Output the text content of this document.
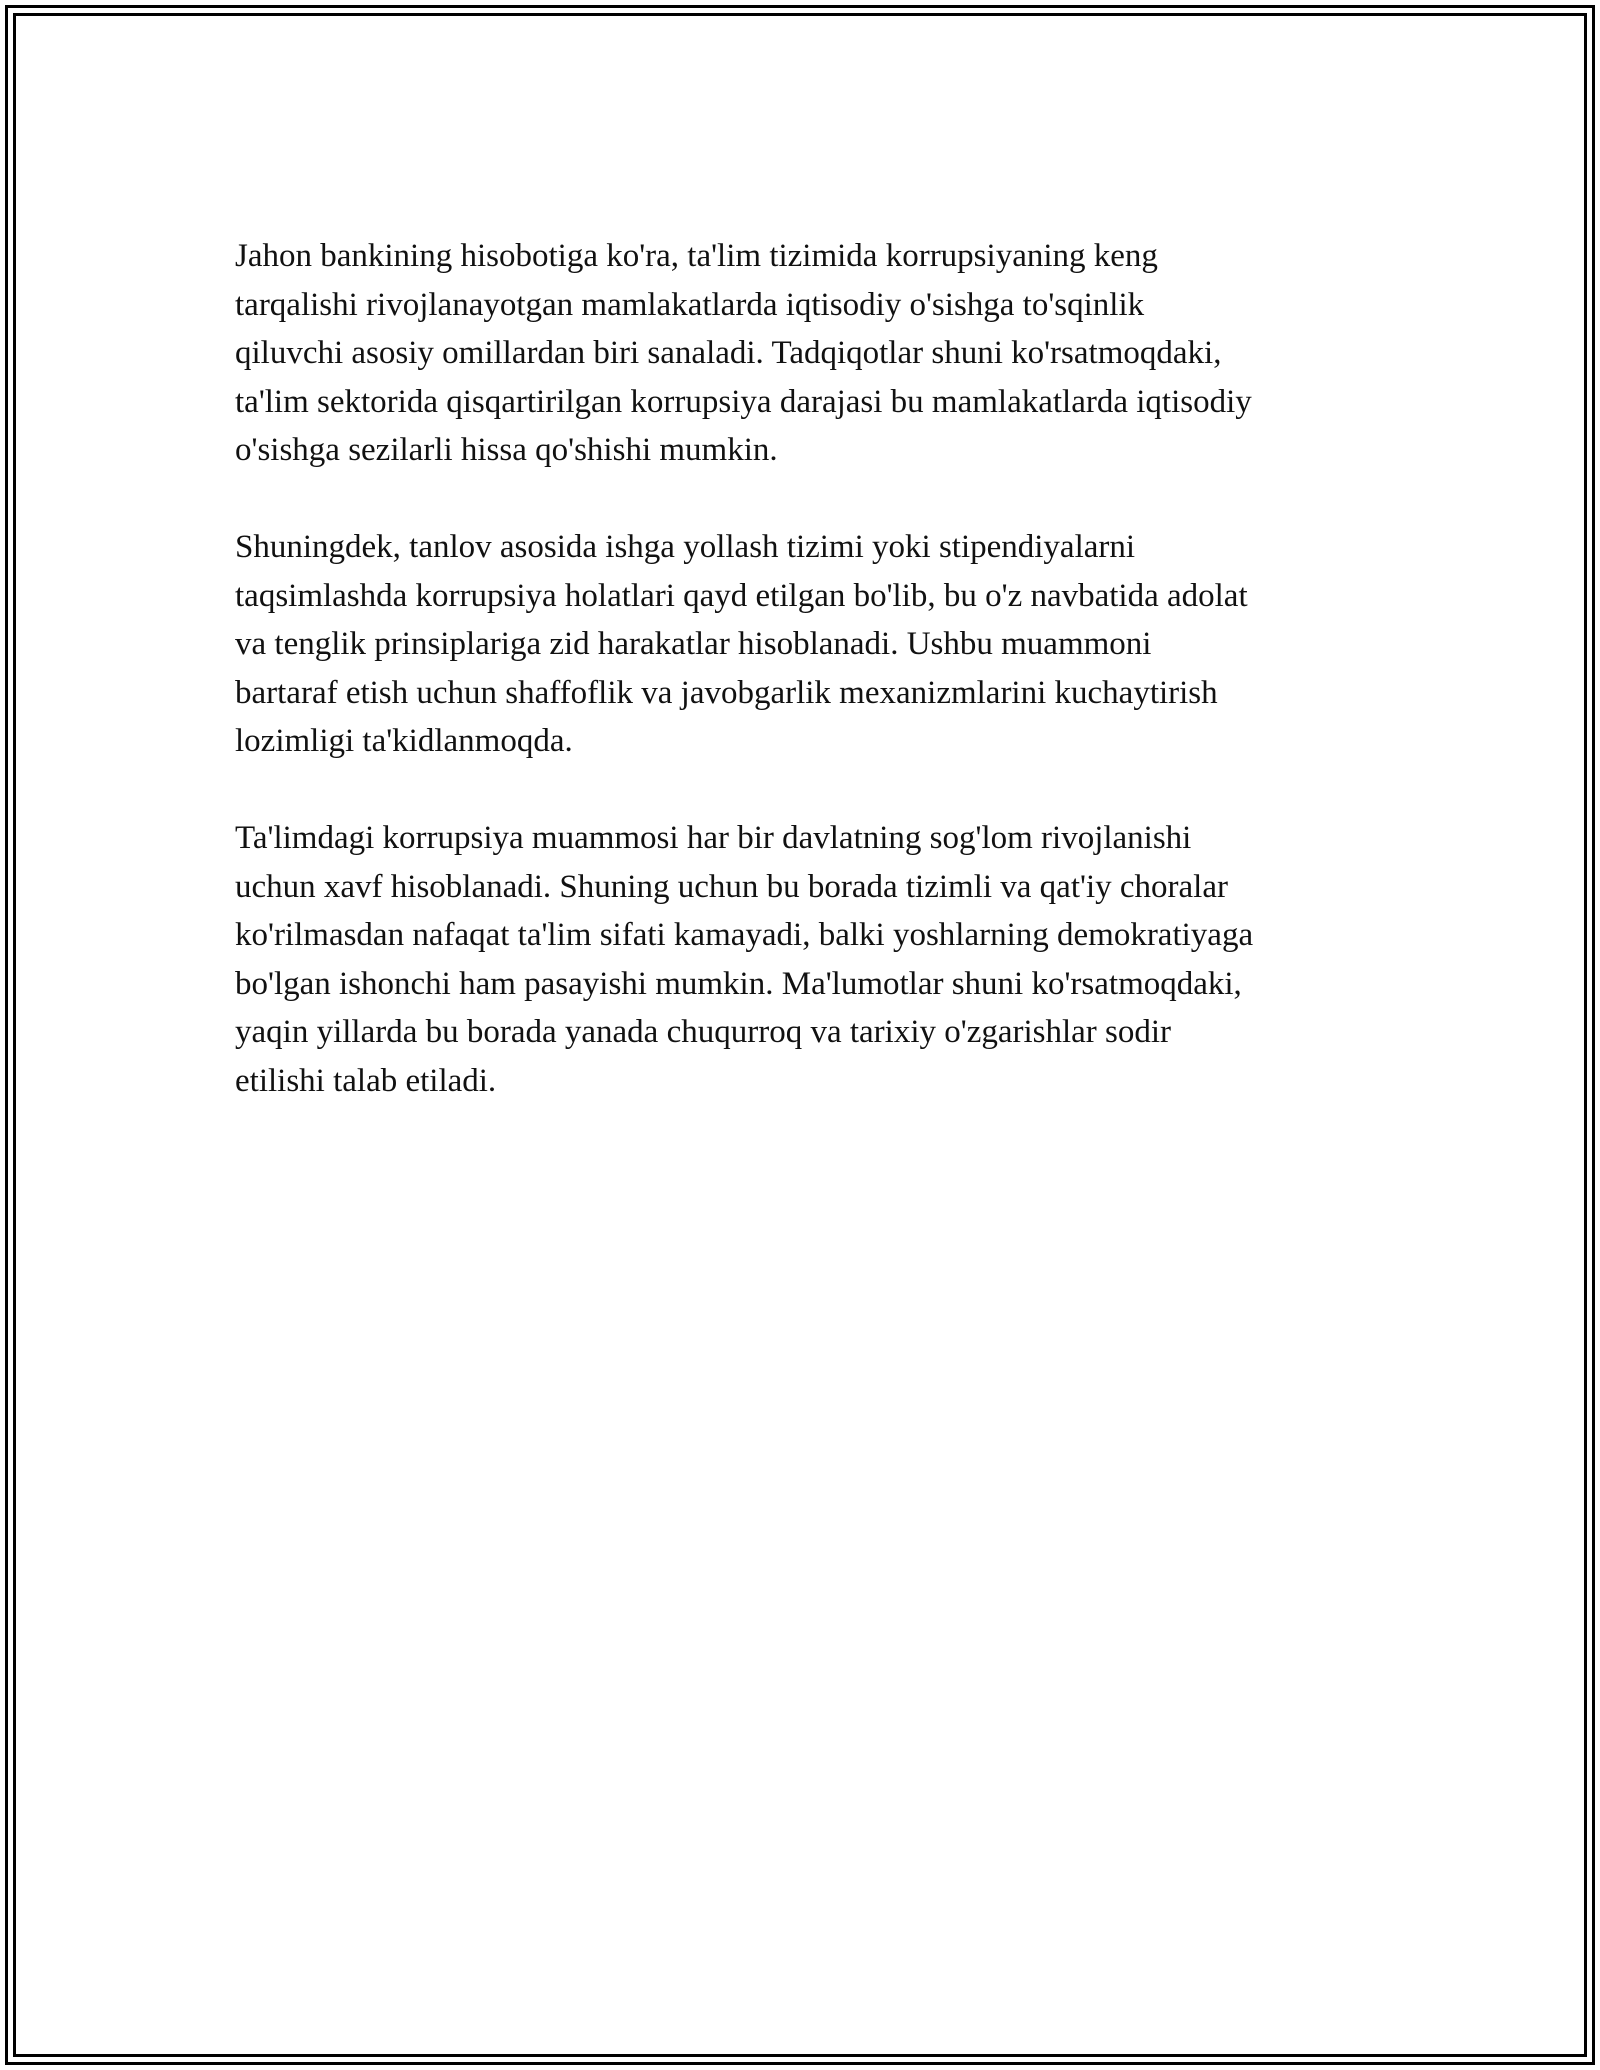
Jahon bankining hisobotiga ko'ra, ta'lim tizimida korrupsiyaning keng
tarqalishi rivojlanayotgan mamlakatlarda iqtisodiy o'sishga to'sqinlik
qiluvchi asosiy omillardan biri sanaladi. Tadqiqotlar shuni ko'rsatmoqdaki,
ta'lim sektorida qisqartirilgan korrupsiya darajasi bu mamlakatlarda iqtisodiy
o'sishga sezilarli hissa qo'shishi mumkin.

Shuningdek, tanlov asosida ishga yollash tizimi yoki stipendiyalarni
taqsimlashda korrupsiya holatlari qayd etilgan bo'lib, bu o'z navbatida adolat
va tenglik prinsiplariga zid harakatlar hisoblanadi. Ushbu muammoni
bartaraf etish uchun shaffoflik va javobgarlik mexanizmlarini kuchaytirish
lozimligi ta'kidlanmoqda.

Ta'limdagi korrupsiya muammosi har bir davlatning sog'lom rivojlanishi
uchun xavf hisoblanadi. Shuning uchun bu borada tizimli va qat'iy choralar
ko'rilmasdan nafaqat ta'lim sifati kamayadi, balki yoshlarning demokratiyaga
bo'lgan ishonchi ham pasayishi mumkin. Ma'lumotlar shuni ko'rsatmoqdaki,
yaqin yillarda bu borada yanada chuqurroq va tarixiy o'zgarishlar sodir
etilishi talab etiladi.
